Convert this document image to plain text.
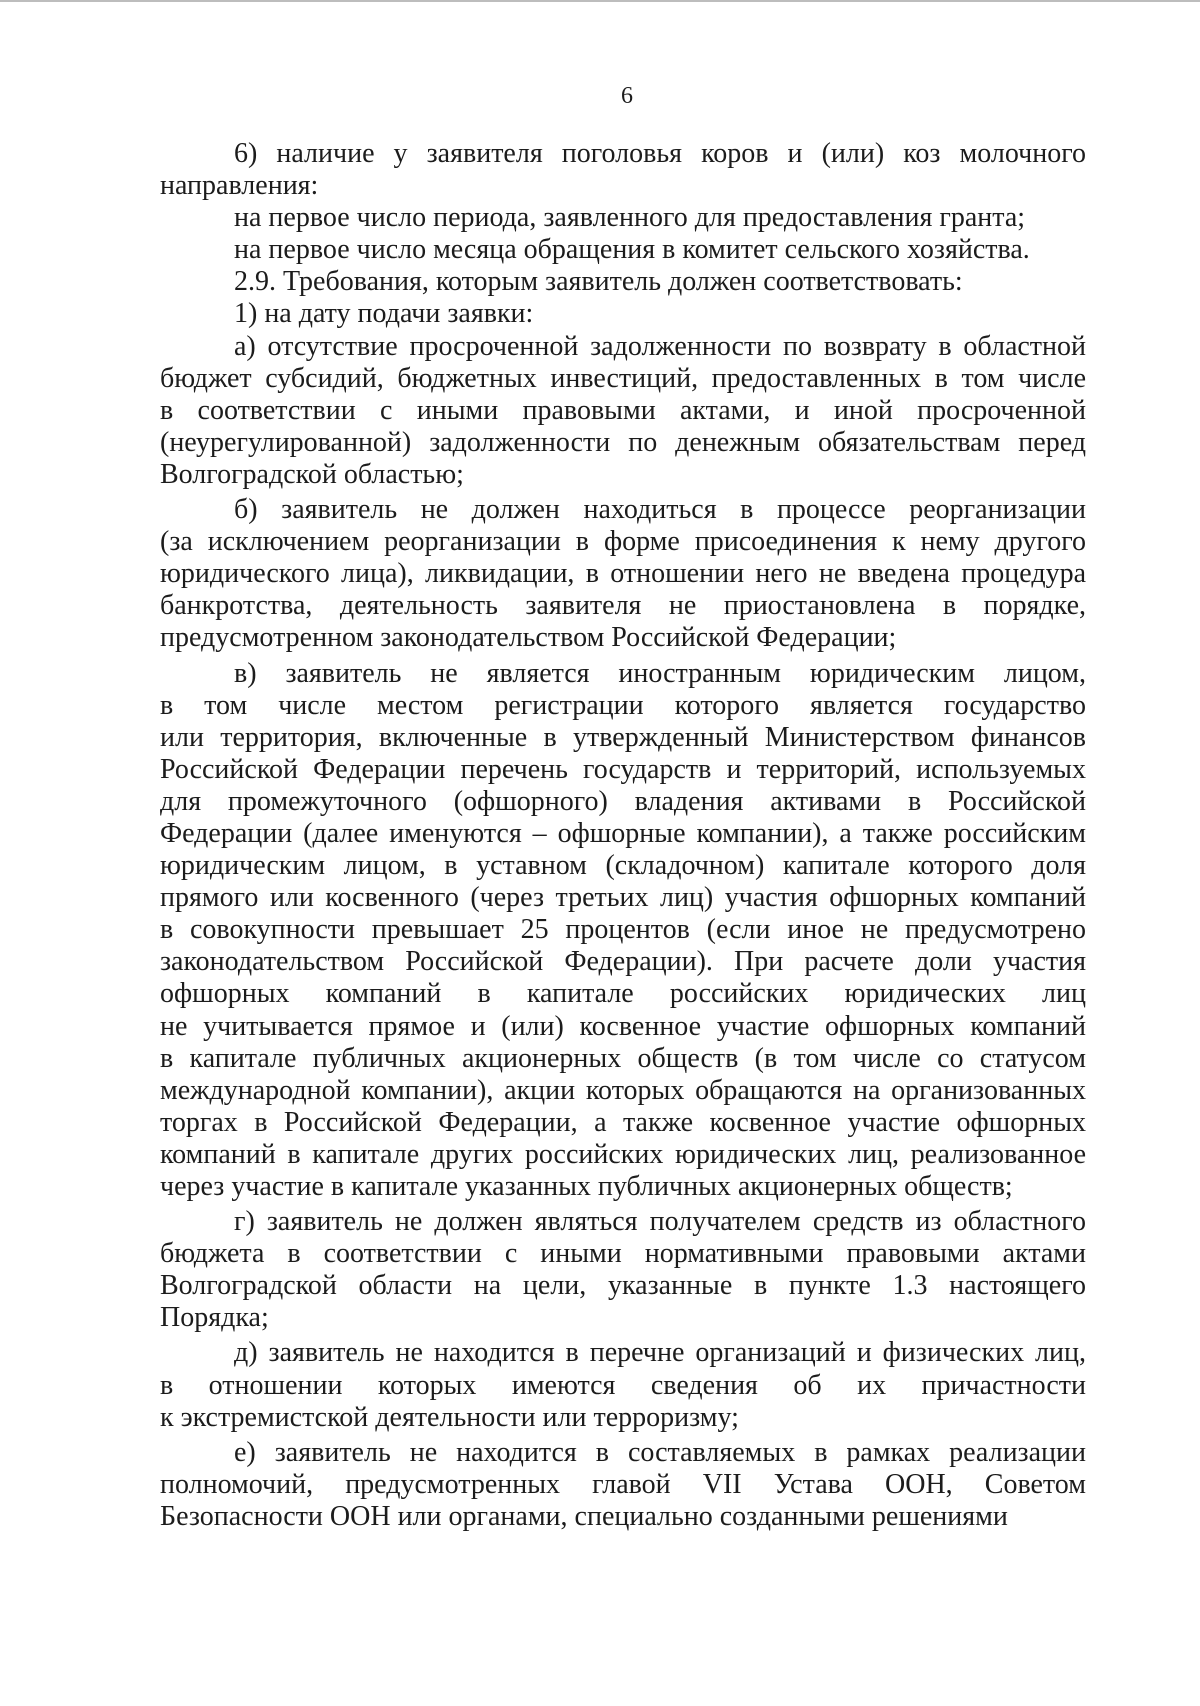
6
6) наличие у заявителя поголовья коров и (или) коз молочного
направления:
на первое число периода, заявленного для предоставления гранта;
на первое число месяца обращения в комитет сельского хозяйства.
2.9. Требования, которым заявитель должен соответствовать:
1) на дату подачи заявки:
а) отсутствие просроченной задолженности по возврату в областной
бюджет субсидий, бюджетных инвестиций, предоставленных в том числе
в соответствии с иными правовыми актами, и иной просроченной
(неурегулированной) задолженности по денежным обязательствам перед
Волгоградской областью;
б) заявитель не должен находиться в процессе реорганизации
(за исключением реорганизации в форме присоединения к нему другого
юридического лица), ликвидации, в отношении него не введена процедура
банкротства, деятельность заявителя не приостановлена в порядке,
предусмотренном законодательством Российской Федерации;
в) заявитель не является иностранным юридическим лицом,
в том числе местом регистрации которого является государство
или территория, включенные в утвержденный Министерством финансов
Российской Федерации перечень государств и территорий, используемых
для промежуточного (офшорного) владения активами в Российской
Федерации (далее именуются – офшорные компании), а также российским
юридическим лицом, в уставном (складочном) капитале которого доля
прямого или косвенного (через третьих лиц) участия офшорных компаний
в совокупности превышает 25 процентов (если иное не предусмотрено
законодательством Российской Федерации). При расчете доли участия
офшорных компаний в капитале российских юридических лиц
не учитывается прямое и (или) косвенное участие офшорных компаний
в капитале публичных акционерных обществ (в том числе со статусом
международной компании), акции которых обращаются на организованных
торгах в Российской Федерации, а также косвенное участие офшорных
компаний в капитале других российских юридических лиц, реализованное
через участие в капитале указанных публичных акционерных обществ;
г) заявитель не должен являться получателем средств из областного
бюджета в соответствии с иными нормативными правовыми актами
Волгоградской области на цели, указанные в пункте 1.3 настоящего
Порядка;
д) заявитель не находится в перечне организаций и физических лиц,
в отношении которых имеются сведения об их причастности
к экстремистской деятельности или терроризму;
е) заявитель не находится в составляемых в рамках реализации
полномочий, предусмотренных главой VII Устава ООН, Советом
Безопасности ООН или органами, специально созданными решениями
